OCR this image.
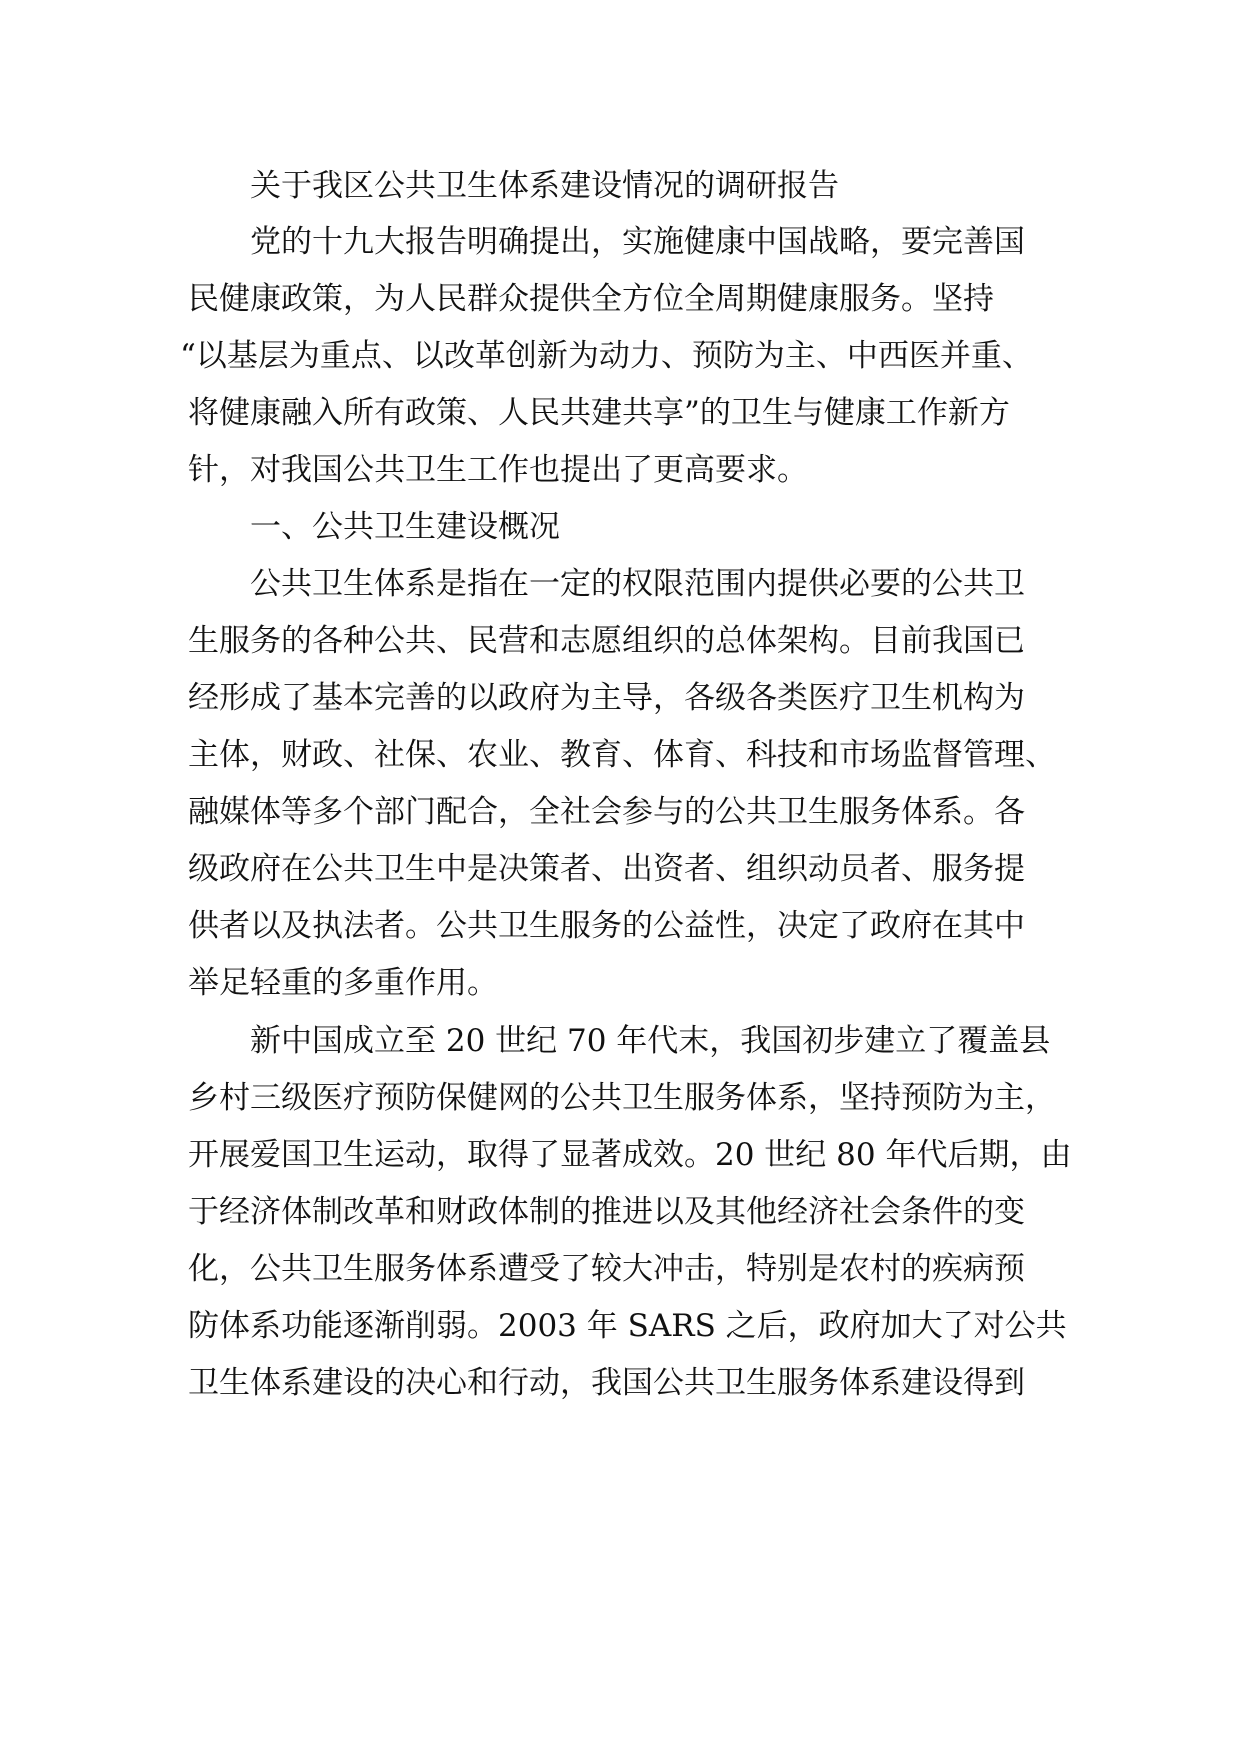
关于我区公共卫生体系建设情况的调研报告
党的十九大报告明确提出，实施健康中国战略，要完善国
民健康政策，为人民群众提供全方位全周期健康服务。坚持
“以基层为重点、以改革创新为动力、预防为主、中西医并重、
将健康融入所有政策、人民共建共享”的卫生与健康工作新方
针，对我国公共卫生工作也提出了更高要求。
一、公共卫生建设概况
公共卫生体系是指在一定的权限范围内提供必要的公共卫
生服务的各种公共、民营和志愿组织的总体架构。目前我国已
经形成了基本完善的以政府为主导，各级各类医疗卫生机构为
主体，财政、社保、农业、教育、体育、科技和市场监督管理、
融媒体等多个部门配合，全社会参与的公共卫生服务体系。各
级政府在公共卫生中是决策者、出资者、组织动员者、服务提
供者以及执法者。公共卫生服务的公益性，决定了政府在其中
举足轻重的多重作用。
新中国成立至 20 世纪 70 年代末，我国初步建立了覆盖县
乡村三级医疗预防保健网的公共卫生服务体系，坚持预防为主，
开展爱国卫生运动，取得了显著成效。20 世纪 80 年代后期，由
于经济体制改革和财政体制的推进以及其他经济社会条件的变
化，公共卫生服务体系遭受了较大冲击，特别是农村的疾病预
防体系功能逐渐削弱。2003 年 SARS 之后，政府加大了对公共
卫生体系建设的决心和行动，我国公共卫生服务体系建设得到
